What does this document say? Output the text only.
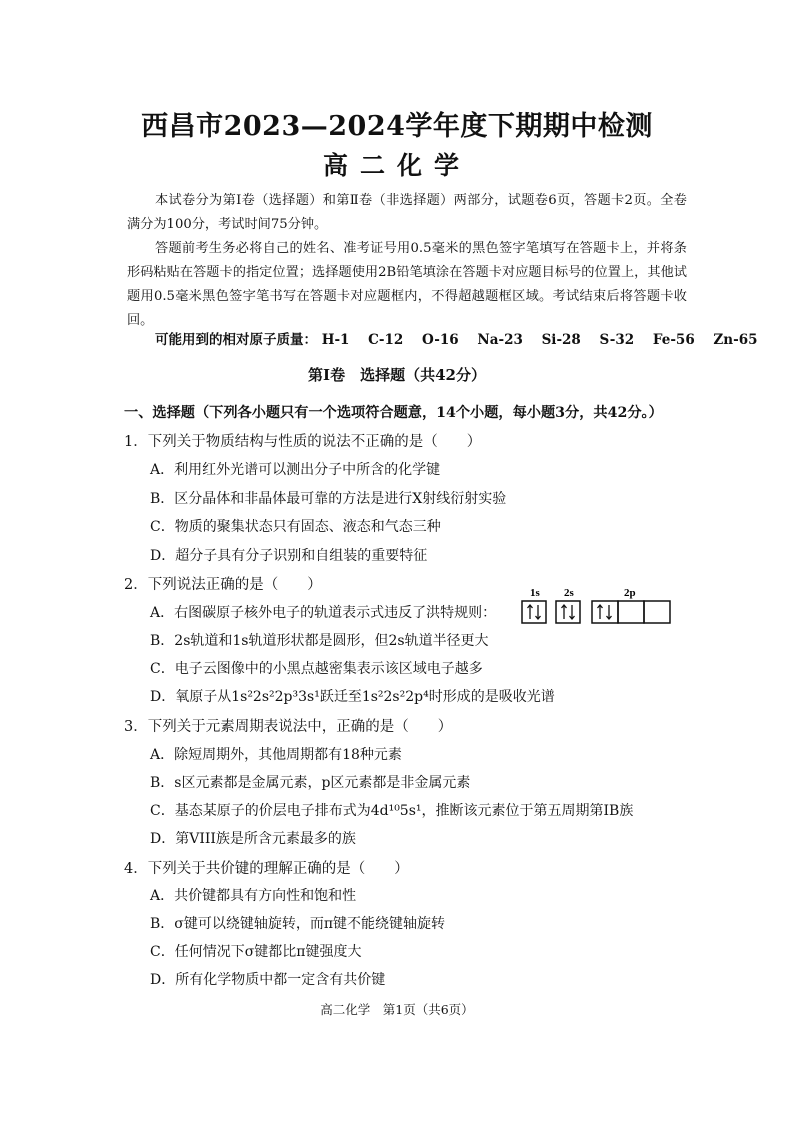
西昌市2023—2024学年度下期期中检测
高二化学

本试卷分为第Ⅰ卷（选择题）和第Ⅱ卷（非选择题）两部分，试题卷6页，答题卡2页。全卷满分为100分，考试时间75分钟。

答题前考生务必将自己的姓名、准考证号用0.5毫米的黑色签字笔填写在答题卡上，并将条形码粘贴在答题卡的指定位置；选择题使用2B铅笔填涂在答题卡对应题目标号的位置上，其他试题用0.5毫米黑色签字笔书写在答题卡对应题框内，不得超越题框区域。考试结束后将答题卡收回。

可能用到的相对原子质量： H-1 C-12 O-16 Na-23 Si-28 S-32 Fe-56 Zn-65
第Ⅰ卷　选择题（共42分）
一、选择题（下列各小题只有一个选项符合题意，14个小题，每小题3分，共42分。）
1．下列关于物质结构与性质的说法不正确的是（　　）
A．利用红外光谱可以测出分子中所含的化学键
B．区分晶体和非晶体最可靠的方法是进行X射线衍射实验
C．物质的聚集状态只有固态、液态和气态三种
D．超分子具有分子识别和自组装的重要特征
2．下列说法正确的是（　　）
A．右图碳原子核外电子的轨道表示式违反了洪特规则：
1s 2s	2p
B．2s轨道和1s轨道形状都是圆形，但2s轨道半径更大
C．电子云图像中的小黑点越密集表示该区域电子越多
D．氧原子从1s²2s²2p³3s¹跃迁至1s²2s²2p⁴时形成的是吸收光谱
3．下列关于元素周期表说法中，正确的是（　　）
A．除短周期外，其他周期都有18种元素
B．s区元素都是金属元素，p区元素都是非金属元素
C．基态某原子的价层电子排布式为4d¹⁰5s¹，推断该元素位于第五周期第IB族
D．第VIII族是所含元素最多的族
4．下列关于共价键的理解正确的是（　　）
A．共价键都具有方向性和饱和性
B．σ键可以绕键轴旋转，而π键不能绕键轴旋转
C．任何情况下σ键都比π键强度大
D．所有化学物质中都一定含有共价键
高二化学　第1页（共6页）
